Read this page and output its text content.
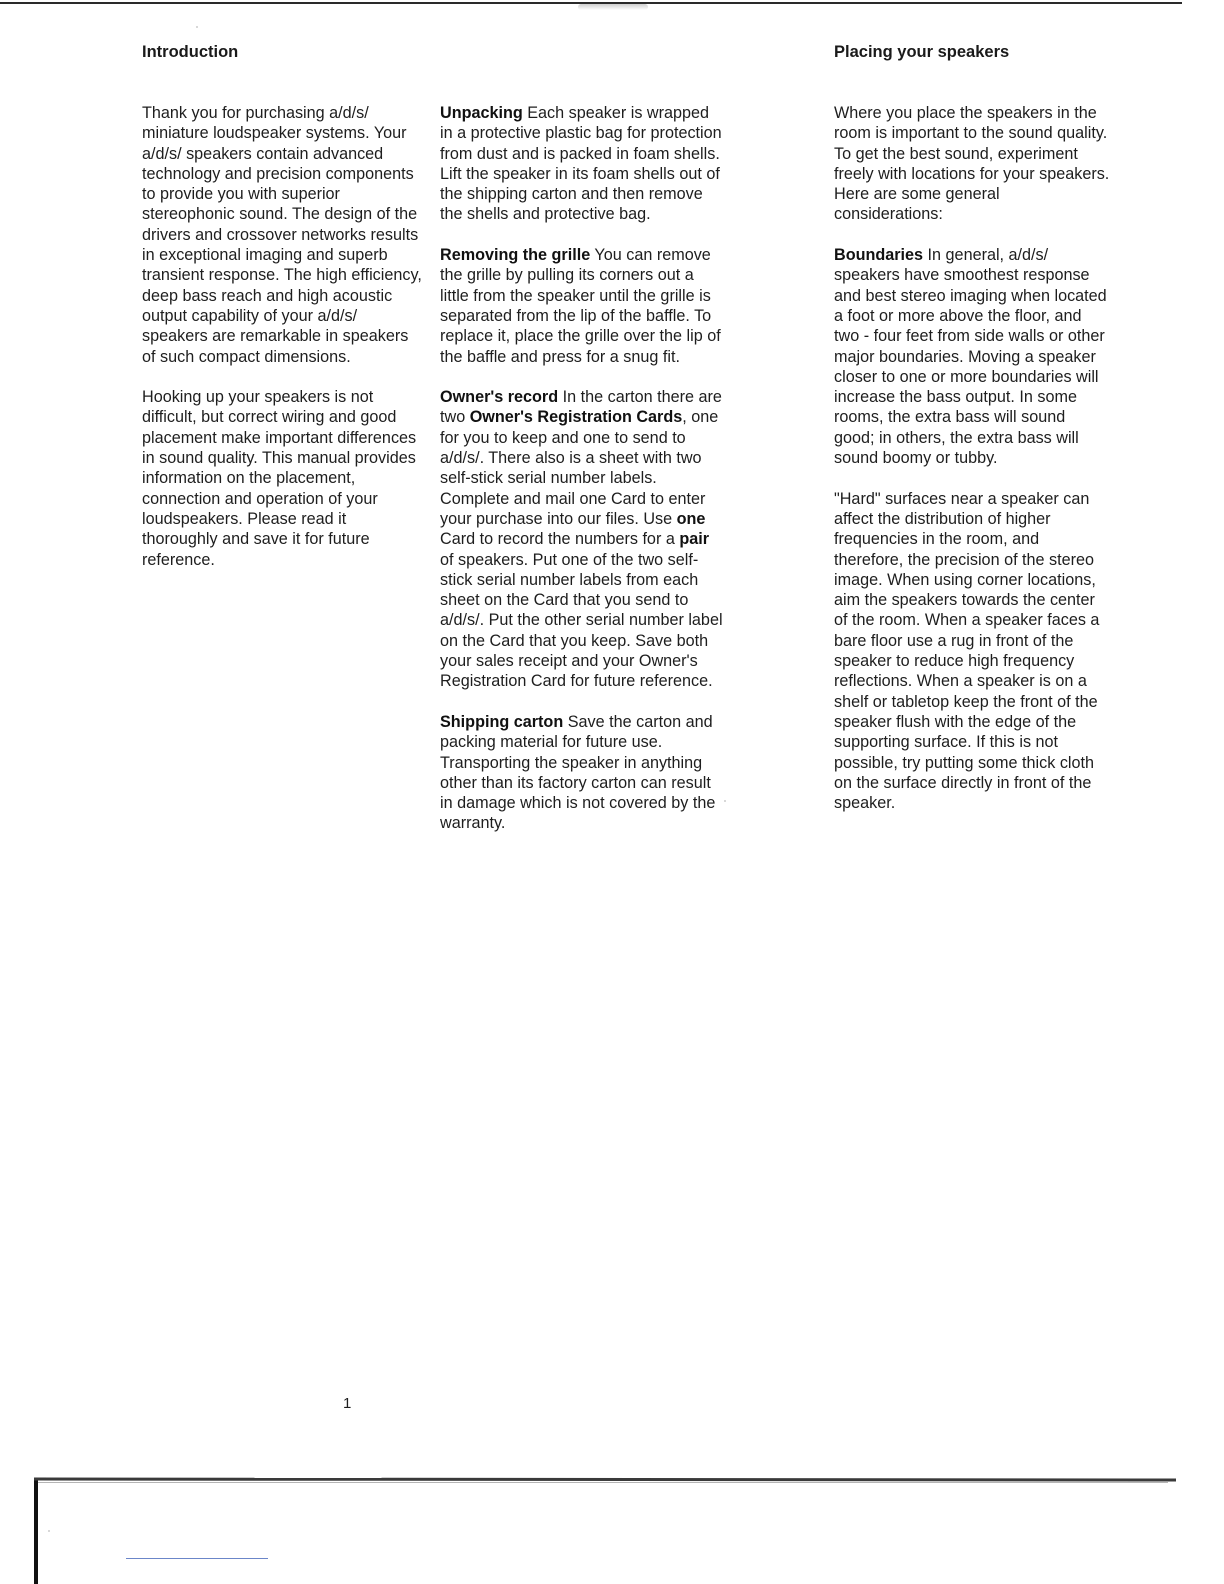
Introduction	Placing your speakers

Thank you for purchasing a/d/s/ miniature loudspeaker systems. Your a/d/s/ speakers contain advanced technology and precision components to provide you with superior stereophonic sound. The design of the drivers and crossover networks results in exceptional imaging and superb transient response. The high efficiency, deep bass reach and high acoustic output capability of your a/d/s/ speakers are remarkable in speakers of such compact dimensions.

Hooking up your speakers is not difficult, but correct wiring and good placement make important differences in sound quality. This manual provides information on the placement, connection and operation of your loudspeakers. Please read it thoroughly and save it for future reference.

Unpacking Each speaker is wrapped in a protective plastic bag for protection from dust and is packed in foam shells. Lift the speaker in its foam shells out of the shipping carton and then remove the shells and protective bag.

Removing the grille You can remove the grille by pulling its corners out a little from the speaker until the grille is separated from the lip of the baffle. To replace it, place the grille over the lip of the baffle and press for a snug fit.

Owner's record In the carton there are two Owner's Registration Cards, one for you to keep and one to send to a/d/s/. There also is a sheet with two self-stick serial number labels. Complete and mail one Card to enter your purchase into our files. Use one Card to record the numbers for a pair of speakers. Put one of the two self-stick serial number labels from each sheet on the Card that you send to a/d/s/. Put the other serial number label on the Card that you keep. Save both your sales receipt and your Owner's Registration Card for future reference.

Shipping carton Save the carton and packing material for future use. Transporting the speaker in anything other than its factory carton can result in damage which is not covered by the warranty.

Where you place the speakers in the room is important to the sound quality. To get the best sound, experiment freely with locations for your speakers. Here are some general considerations:

Boundaries In general, a/d/s/ speakers have smoothest response and best stereo imaging when located a foot or more above the floor, and two - four feet from side walls or other major boundaries. Moving a speaker closer to one or more boundaries will increase the bass output. In some rooms, the extra bass will sound good; in others, the extra bass will sound boomy or tubby.

"Hard" surfaces near a speaker can affect the distribution of higher frequencies in the room, and therefore, the precision of the stereo image. When using corner locations, aim the speakers towards the center of the room. When a speaker faces a bare floor use a rug in front of the speaker to reduce high frequency reflections. When a speaker is on a shelf or tabletop keep the front of the speaker flush with the edge of the supporting surface. If this is not possible, try putting some thick cloth on the surface directly in front of the speaker.

1
